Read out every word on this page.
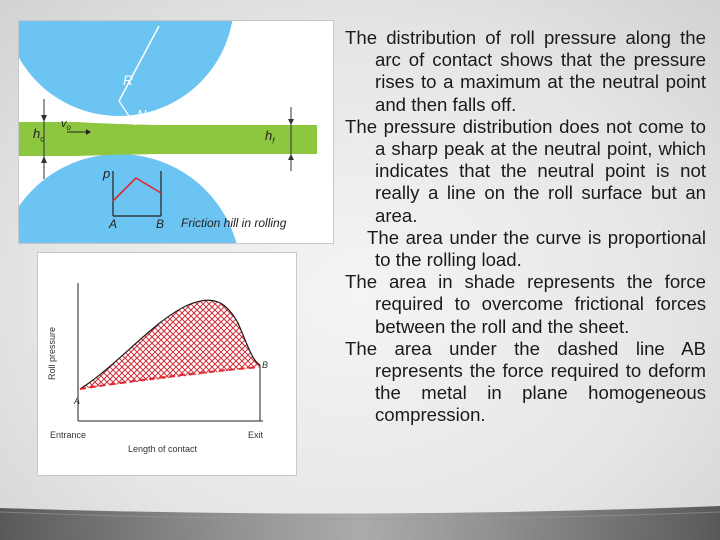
R
N
$h_o$
$v_o$
$h_f$
p
A	B Friction hill in rolling
Roll pressure
A
B
Entrance
Length of contact
Exit

The distribution of roll pressure along the arc of contact shows that the pressure rises to a maximum at the neutral point and then falls off.

The pressure distribution does not come to a sharp peak at the neutral point, which indicates that the neutral point is not really a line on the roll surface but an area.

The area under the curve is proportional to the rolling load.

The area in shade represents the force required to overcome frictional forces between the roll and the sheet.

The area under the dashed line AB represents the force required to deform the metal in plane homogeneous compression.
